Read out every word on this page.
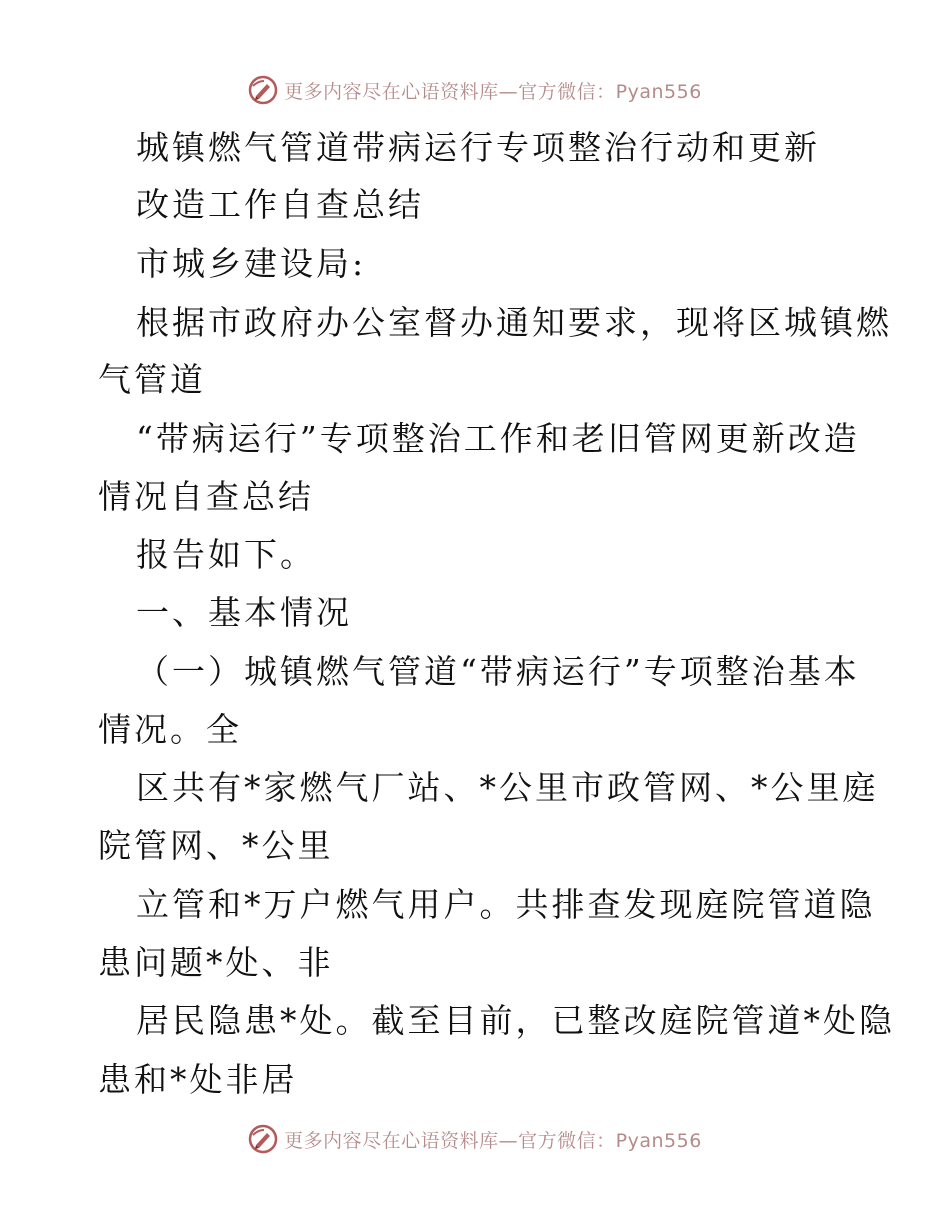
更多内容尽在心语资料库—官方微信：Pyan556
城镇燃气管道带病运行专项整治行动和更新
改造工作自查总结
市城乡建设局:
根据市政府办公室督办通知要求，现将区城镇燃
气管道
“带病运行”专项整治工作和老旧管网更新改造
情况自查总结
报告如下。
一、基本情况
（一）城镇燃气管道“带病运行”专项整治基本
情况。全
区共有*家燃气厂站、*公里市政管网、*公里庭
院管网、*公里
立管和*万户燃气用户。共排查发现庭院管道隐
患问题*处、非
居民隐患*处。截至目前，已整改庭院管道*处隐
患和*处非居
更多内容尽在心语资料库—官方微信：Pyan556
